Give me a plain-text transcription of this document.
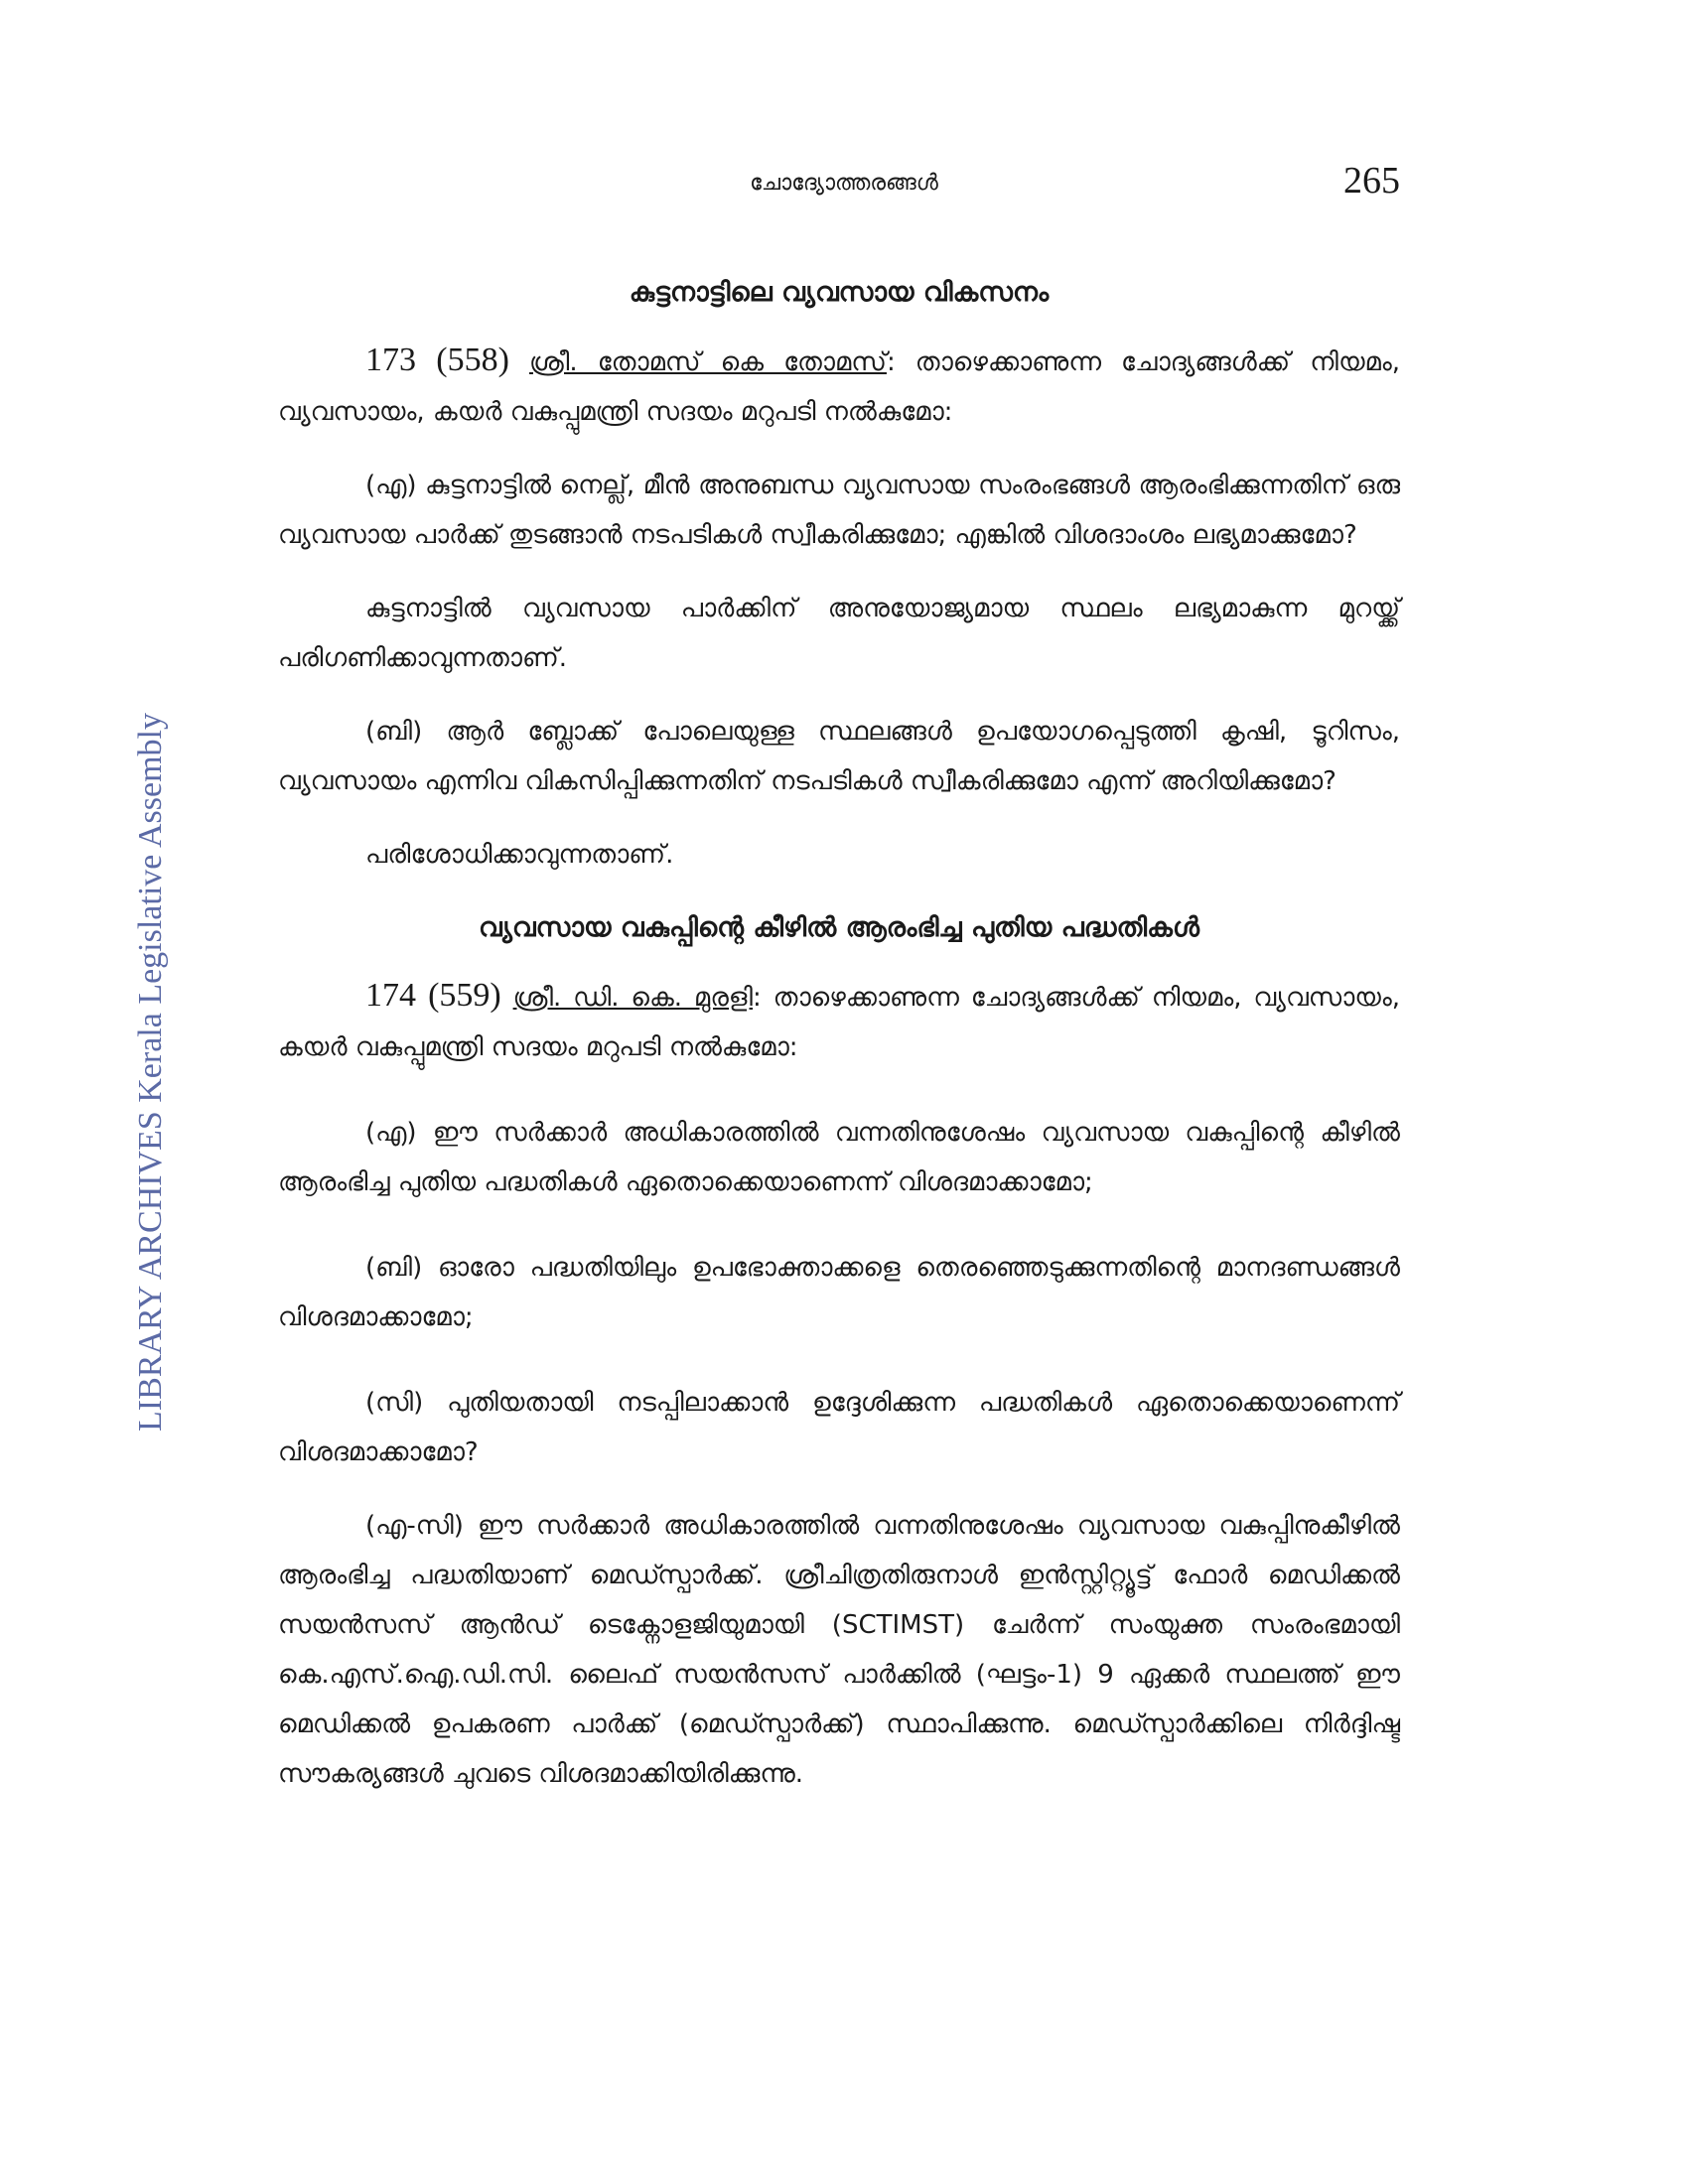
ചോദ്യോത്തരങ്ങൾ	265
LIBRARY ARCHIVES Kerala Legislative Assembly
കുട്ടനാട്ടിലെ വ്യവസായ വികസനം

173 (558) ശ്രീ. തോമസ് കെ തോമസ്: താഴെക്കാണുന്ന ചോദ്യങ്ങൾക്ക് നിയമം, വ്യവസായം, കയർ വകുപ്പുമന്ത്രി സദയം മറുപടി നൽകുമോ:

(എ) കുട്ടനാട്ടിൽ നെല്ല്, മീൻ അനുബന്ധ വ്യവസായ സംരംഭങ്ങൾ ആരംഭിക്കുന്നതിന് ഒരു വ്യവസായ പാർക്ക് തുടങ്ങാൻ നടപടികൾ സ്വീകരിക്കുമോ; എങ്കിൽ വിശദാംശം ലഭ്യമാക്കുമോ?

കുട്ടനാട്ടിൽ വ്യവസായ പാർക്കിന് അനുയോജ്യമായ സ്ഥലം ലഭ്യമാകുന്ന മുറയ്ക്ക് പരിഗണിക്കാവുന്നതാണ്.

(ബി) ആർ ബ്ലോക്ക് പോലെയുള്ള സ്ഥലങ്ങൾ ഉപയോഗപ്പെടുത്തി കൃഷി, ടൂറിസം, വ്യവസായം എന്നിവ വികസിപ്പിക്കുന്നതിന് നടപടികൾ സ്വീകരിക്കുമോ എന്ന് അറിയിക്കുമോ?

പരിശോധിക്കാവുന്നതാണ്.

വ്യവസായ വകുപ്പിന്റെ കീഴിൽ ആരംഭിച്ച പുതിയ പദ്ധതികൾ

174 (559) ശ്രീ. ഡി. കെ. മുരളി: താഴെക്കാണുന്ന ചോദ്യങ്ങൾക്ക് നിയമം, വ്യവസായം, കയർ വകുപ്പുമന്ത്രി സദയം മറുപടി നൽകുമോ:

(എ) ഈ സർക്കാർ അധികാരത്തിൽ വന്നതിനുശേഷം വ്യവസായ വകുപ്പിന്റെ കീഴിൽ ആരംഭിച്ച പുതിയ പദ്ധതികൾ ഏതൊക്കെയാണെന്ന് വിശദമാക്കാമോ;

(ബി) ഓരോ പദ്ധതിയിലും ഉപഭോക്താക്കളെ തെരഞ്ഞെടുക്കുന്നതിന്റെ മാനദണ്ഡങ്ങൾ വിശദമാക്കാമോ;

(സി) പുതിയതായി നടപ്പിലാക്കാൻ ഉദ്ദേശിക്കുന്ന പദ്ധതികൾ ഏതൊക്കെയാണെന്ന് വിശദമാക്കാമോ?

(എ-സി) ഈ സർക്കാർ അധികാരത്തിൽ വന്നതിനുശേഷം വ്യവസായ വകുപ്പിനുകീഴിൽ ആരംഭിച്ച പദ്ധതിയാണ് മെഡ്സ്പാർക്ക്. ശ്രീചിത്രതിരുനാൾ ഇൻസ്റ്റിറ്റ്യൂട്ട് ഫോർ മെഡിക്കൽ സയൻസസ് ആൻഡ് ടെക്നോളജിയുമായി (SCTIMST) ചേർന്ന് സംയുക്ത സംരംഭമായി കെ.എസ്.ഐ.ഡി.സി. ലൈഫ് സയൻസസ് പാർക്കിൽ (ഘട്ടം-1) 9 ഏക്കർ സ്ഥലത്ത് ഈ മെഡിക്കൽ ഉപകരണ പാർക്ക് (മെഡ്സ്പാർക്ക്) സ്ഥാപിക്കുന്നു. മെഡ്സ്പാർക്കിലെ നിർദ്ദിഷ്ട സൗകര്യങ്ങൾ ചുവടെ വിശദമാക്കിയിരിക്കുന്നു.
